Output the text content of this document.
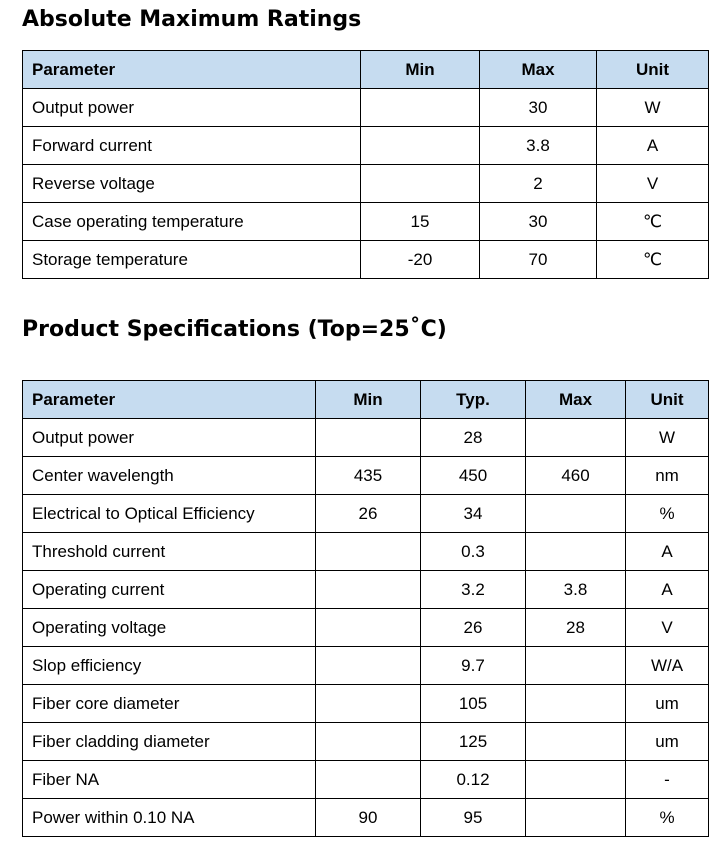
Absolute Maximum Ratings
Parameter	Min	Max	Unit
Output power		30	W
Forward current		3.8	A
Reverse voltage		2	V
Case operating temperature	15	30	℃
Storage temperature	-20	70	℃
Product Specifications (Top=25˚C)
Parameter	Min	Typ.	Max	Unit
Output power		28		W
Center wavelength	435	450	460	nm
Electrical to Optical Efficiency	26	34		%
Threshold current		0.3		A
Operating current		3.2	3.8	A
Operating voltage		26	28	V
Slop efficiency		9.7		W/A
Fiber core diameter		105		um
Fiber cladding diameter		125		um
Fiber NA		0.12		-
Power within 0.10 NA	90	95		%
